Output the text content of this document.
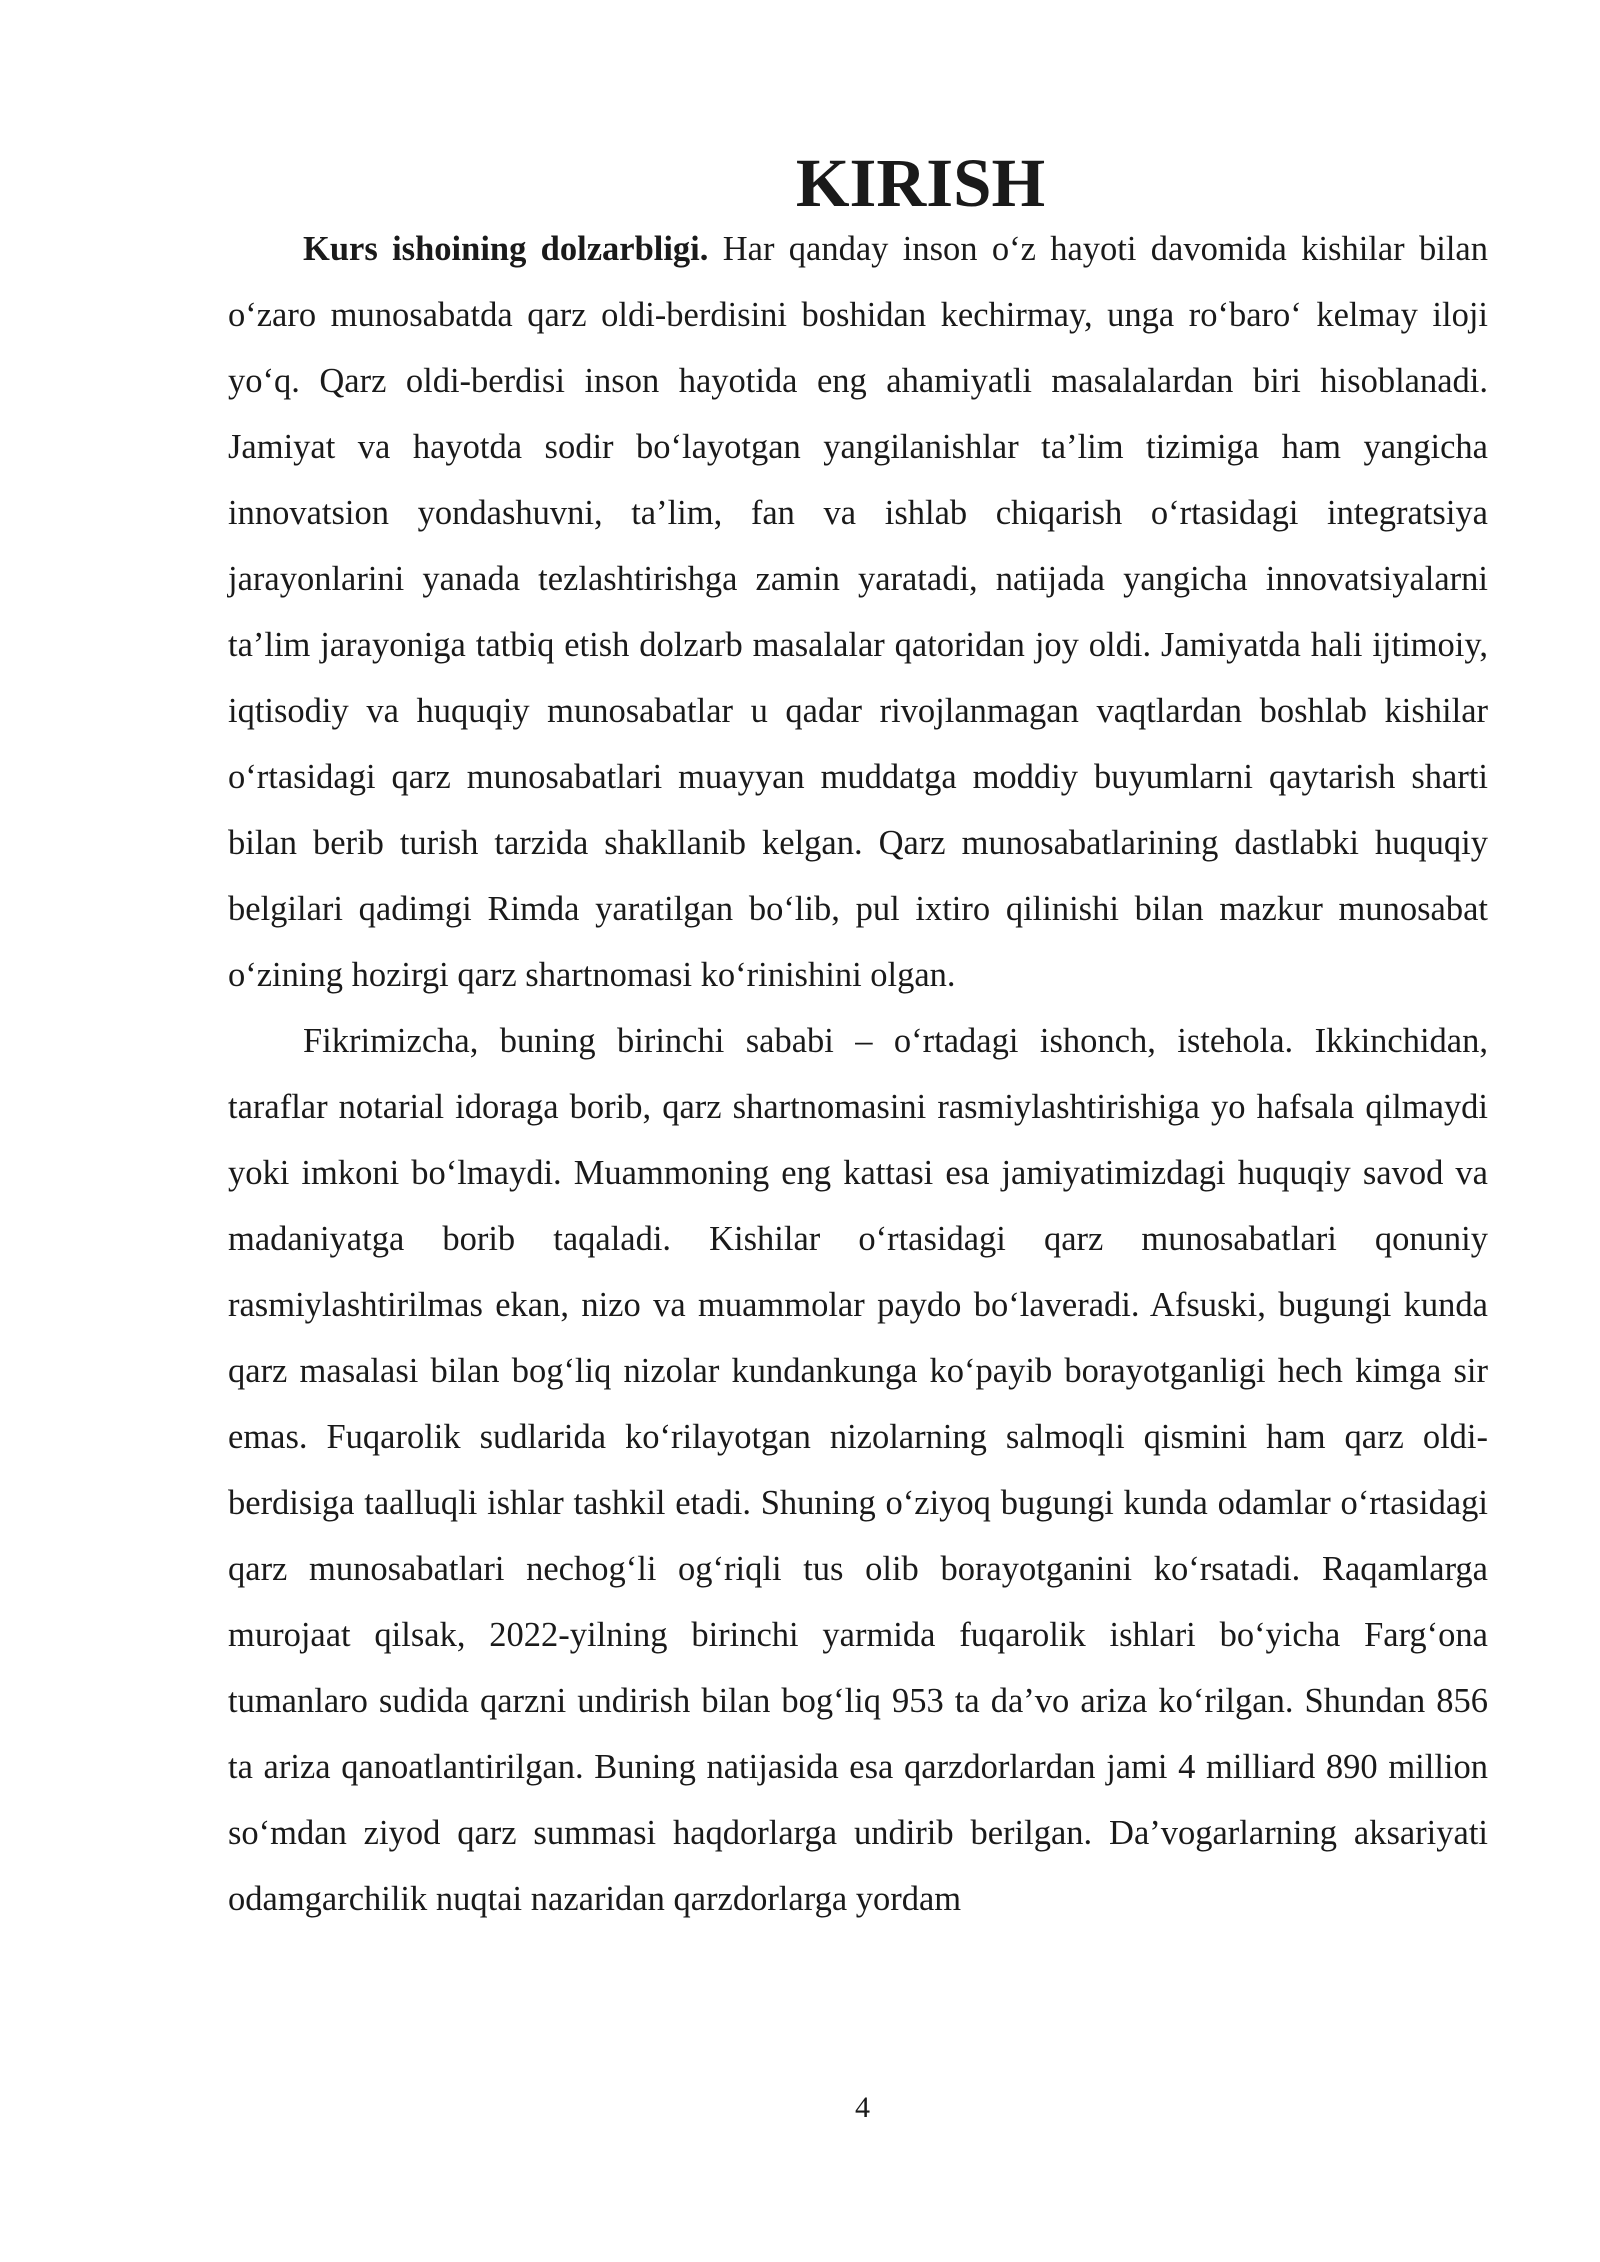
KIRISH

Kurs ishoining dolzarbligi. Har qanday inson o‘z hayoti davomida kishilar bilan o‘zaro munosabatda qarz oldi-berdisini boshidan kechirmay, unga ro‘baro‘ kelmay iloji yo‘q. Qarz oldi-berdisi inson hayotida eng ahamiyatli masalalardan biri hisoblanadi. Jamiyat va hayotda sodir bo‘layotgan yangilanishlar ta’lim tizimiga ham yangicha innovatsion yondashuvni, ta’lim, fan va ishlab chiqarish o‘rtasidagi integratsiya jarayonlarini yanada tezlashtirishga zamin yaratadi, natijada yangicha innovatsiyalarni ta’lim jarayoniga tatbiq etish dolzarb masalalar qatoridan joy oldi. Jamiyatda hali ijtimoiy, iqtisodiy va huquqiy munosabatlar u qadar rivojlanmagan vaqtlardan boshlab kishilar o‘rtasidagi qarz munosabatlari muayyan muddatga moddiy buyumlarni qaytarish sharti bilan berib turish tarzida shakllanib kelgan. Qarz munosabatlarining dastlabki huquqiy belgilari qadimgi Rimda yaratilgan bo‘lib, pul ixtiro qilinishi bilan mazkur munosabat o‘zining hozirgi qarz shartnomasi ko‘rinishini olgan.

Fikrimizcha, buning birinchi sababi – o‘rtadagi ishonch, istehola. Ikkinchidan, taraflar notarial idoraga borib, qarz shartnomasini rasmiylashtirishiga yo hafsala qilmaydi yoki imkoni bo‘lmaydi. Muammoning eng kattasi esa jamiyatimizdagi huquqiy savod va madaniyatga borib taqaladi. Kishilar o‘rtasidagi qarz munosabatlari qonuniy rasmiylashtirilmas ekan, nizo va muammolar paydo bo‘laveradi. Afsuski, bugungi kunda qarz masalasi bilan bog‘liq nizolar kundankunga ko‘payib borayotganligi hech kimga sir emas. Fuqarolik sudlarida ko‘rilayotgan nizolarning salmoqli qismini ham qarz oldi-berdisiga taalluqli ishlar tashkil etadi. Shuning o‘ziyoq bugungi kunda odamlar o‘rtasidagi qarz munosabatlari nechog‘li og‘riqli tus olib borayotganini ko‘rsatadi. Raqamlarga murojaat qilsak, 2022-yilning birinchi yarmida fuqarolik ishlari bo‘yicha Farg‘ona tumanlaro sudida qarzni undirish bilan bog‘liq 953 ta da’vo ariza ko‘rilgan. Shundan 856 ta ariza qanoatlantirilgan. Buning natijasida esa qarzdorlardan jami 4 milliard 890 million so‘mdan ziyod qarz summasi haqdorlarga undirib berilgan. Da’vogarlarning aksariyati odamgarchilik nuqtai nazaridan qarzdorlarga yordam

4
